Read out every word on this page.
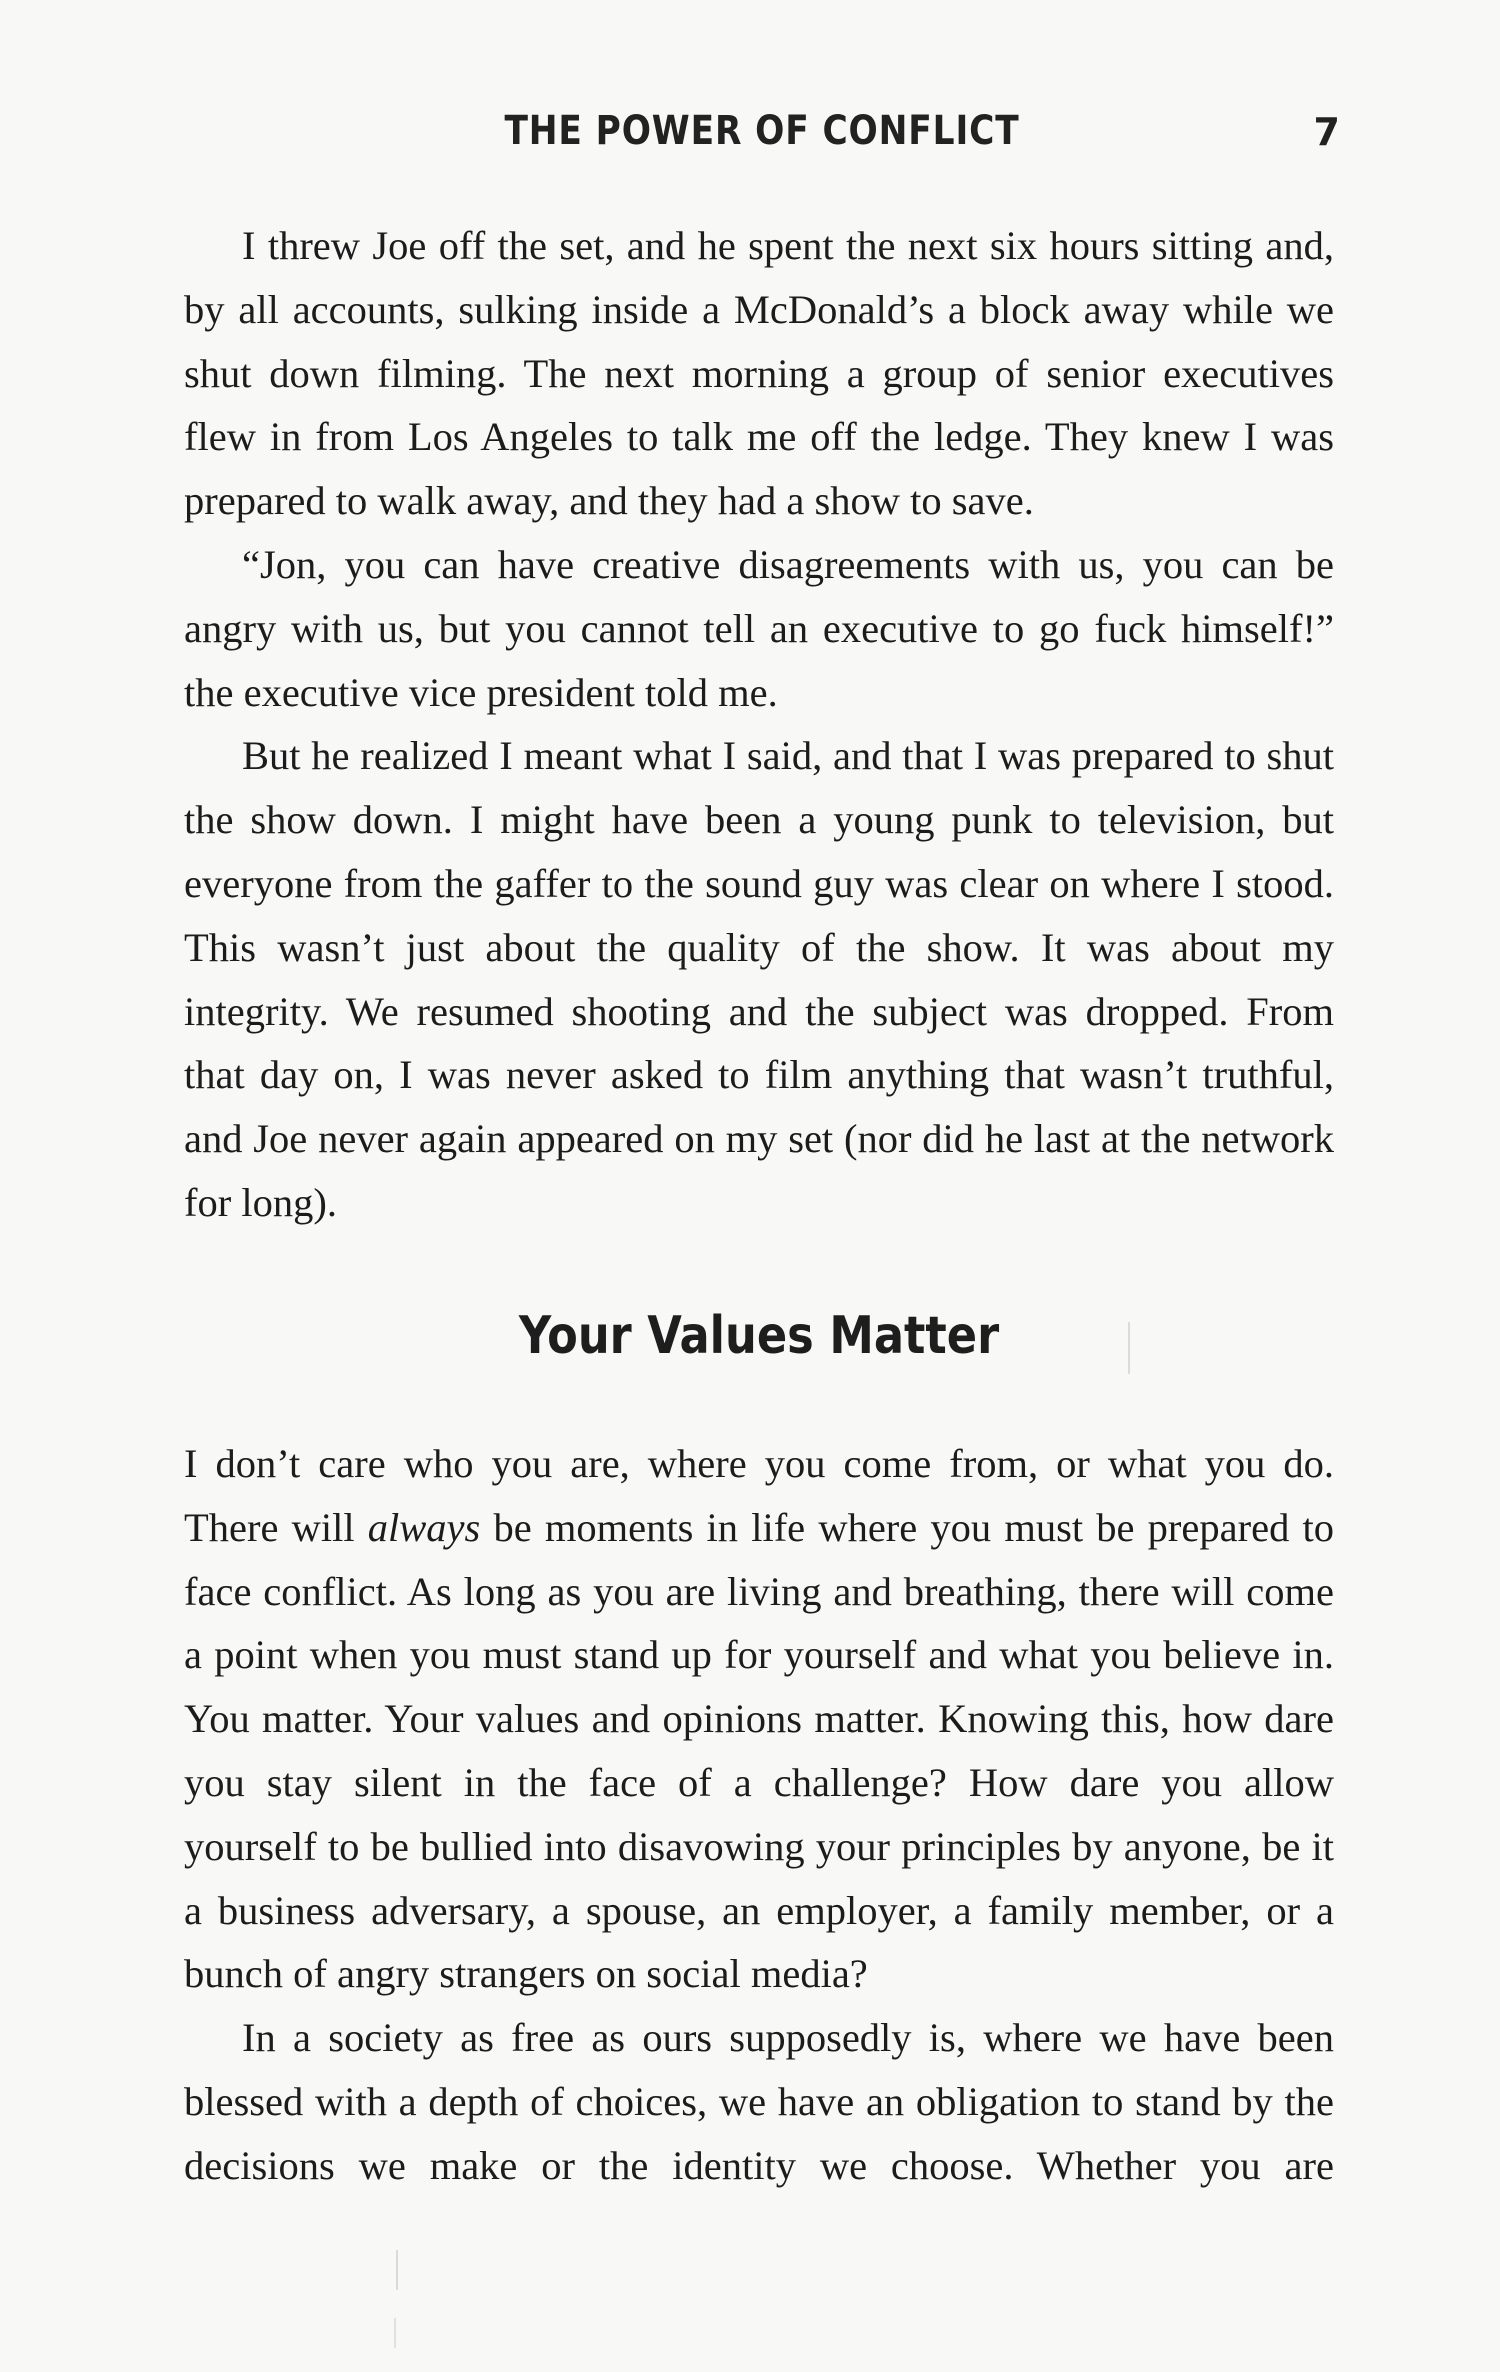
THE POWER OF CONFLICT	7

I threw Joe off the set, and he spent the next six hours sitting and, by all accounts, sulking inside a McDonald’s a block away while we shut down filming. The next morning a group of senior executives flew in from Los Angeles to talk me off the ledge. They knew I was prepared to walk away, and they had a show to save.

“Jon, you can have creative disagreements with us, you can be angry with us, but you cannot tell an executive to go fuck himself!” the executive vice president told me.

But he realized I meant what I said, and that I was prepared to shut the show down. I might have been a young punk to television, but everyone from the gaffer to the sound guy was clear on where I stood. This wasn’t just about the quality of the show. It was about my integrity. We resumed shooting and the subject was dropped. From that day on, I was never asked to film anything that wasn’t truthful, and Joe never again appeared on my set (nor did he last at the network for long).

Your Values Matter

I don’t care who you are, where you come from, or what you do. There will always be moments in life where you must be prepared to face conflict. As long as you are living and breathing, there will come a point when you must stand up for yourself and what you believe in. You matter. Your values and opinions matter. Knowing this, how dare you stay silent in the face of a challenge? How dare you allow yourself to be bullied into disavowing your principles by anyone, be it a business adversary, a spouse, an employer, a family member, or a bunch of angry strangers on social media?

In a society as free as ours supposedly is, where we have been blessed with a depth of choices, we have an obligation to stand by the decisions we make or the identity we choose. Whether you are
